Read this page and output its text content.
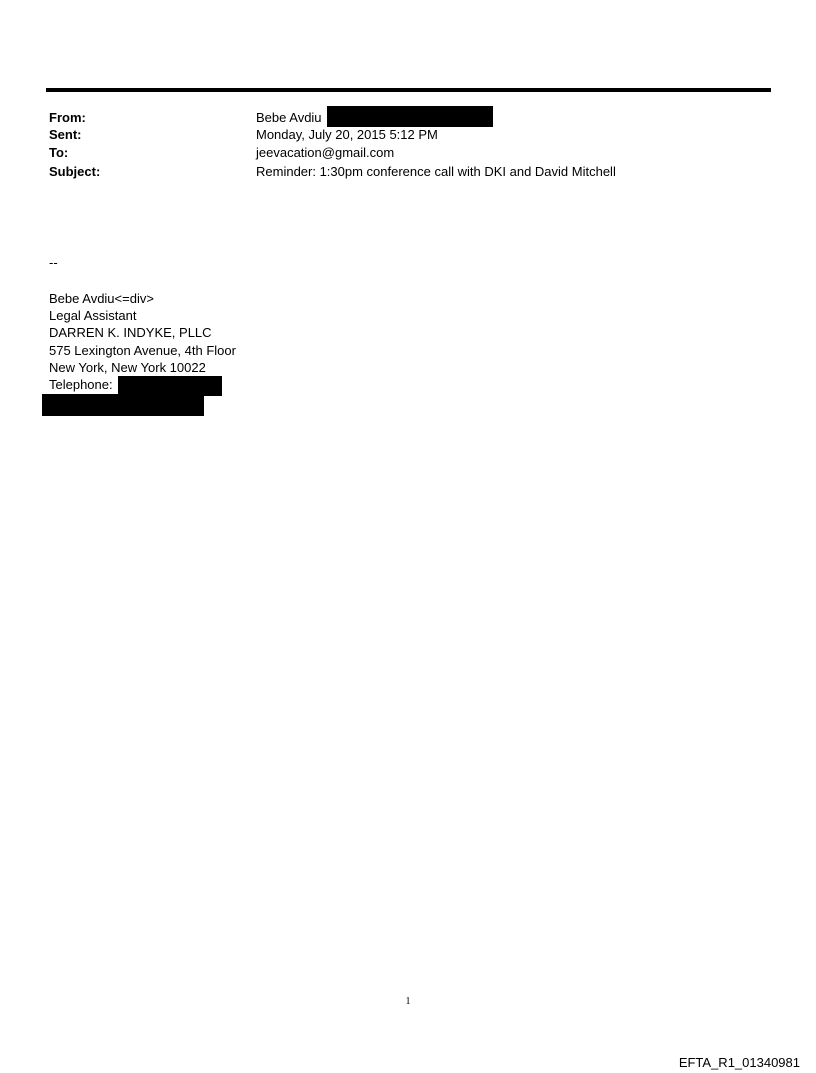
From:	Bebe Avdiu
Sent:	Monday, July 20, 2015 5:12 PM
To:	jeevacation@gmail.com
Subject:	Reminder: 1:30pm conference call with DKI and David Mitchell
--
Bebe Avdiu<=div>
Legal Assistant
DARREN K. INDYKE, PLLC
575 Lexington Avenue, 4th Floor
New York, New York 10022
Telephone:
1
EFTA_R1_01340981
